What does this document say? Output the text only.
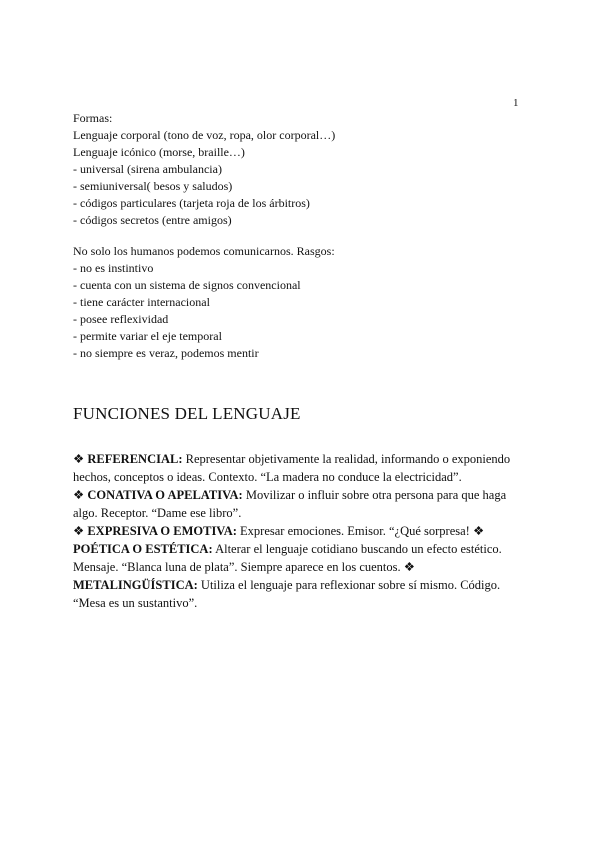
1
Formas:
Lenguaje corporal (tono de voz, ropa, olor corporal…)
Lenguaje icónico (morse, braille…)
- universal (sirena ambulancia)
- semiuniversal( besos y saludos)
- códigos particulares (tarjeta roja de los árbitros)
- códigos secretos (entre amigos)
No solo los humanos podemos comunicarnos. Rasgos:
- no es instintivo
- cuenta con un sistema de signos convencional
- tiene carácter internacional
- posee reflexividad
- permite variar el eje temporal
- no siempre es veraz, podemos mentir
FUNCIONES DEL LENGUAJE
❖ REFERENCIAL: Representar objetivamente la realidad, informando o exponiendo hechos, conceptos o ideas. Contexto. “La madera no conduce la electricidad”.
❖ CONATIVA O APELATIVA: Movilizar o influir sobre otra persona para que haga algo. Receptor. “Dame ese libro”.
❖ EXPRESIVA O EMOTIVA: Expresar emociones. Emisor. “¿Qué sorpresa! ❖ POÉTICA O ESTÉTICA: Alterar el lenguaje cotidiano buscando un efecto estético. Mensaje. “Blanca luna de plata”. Siempre aparece en los cuentos. ❖ METALINGÜÍSTICA: Utiliza el lenguaje para reflexionar sobre sí mismo. Código. “Mesa es un sustantivo”.
